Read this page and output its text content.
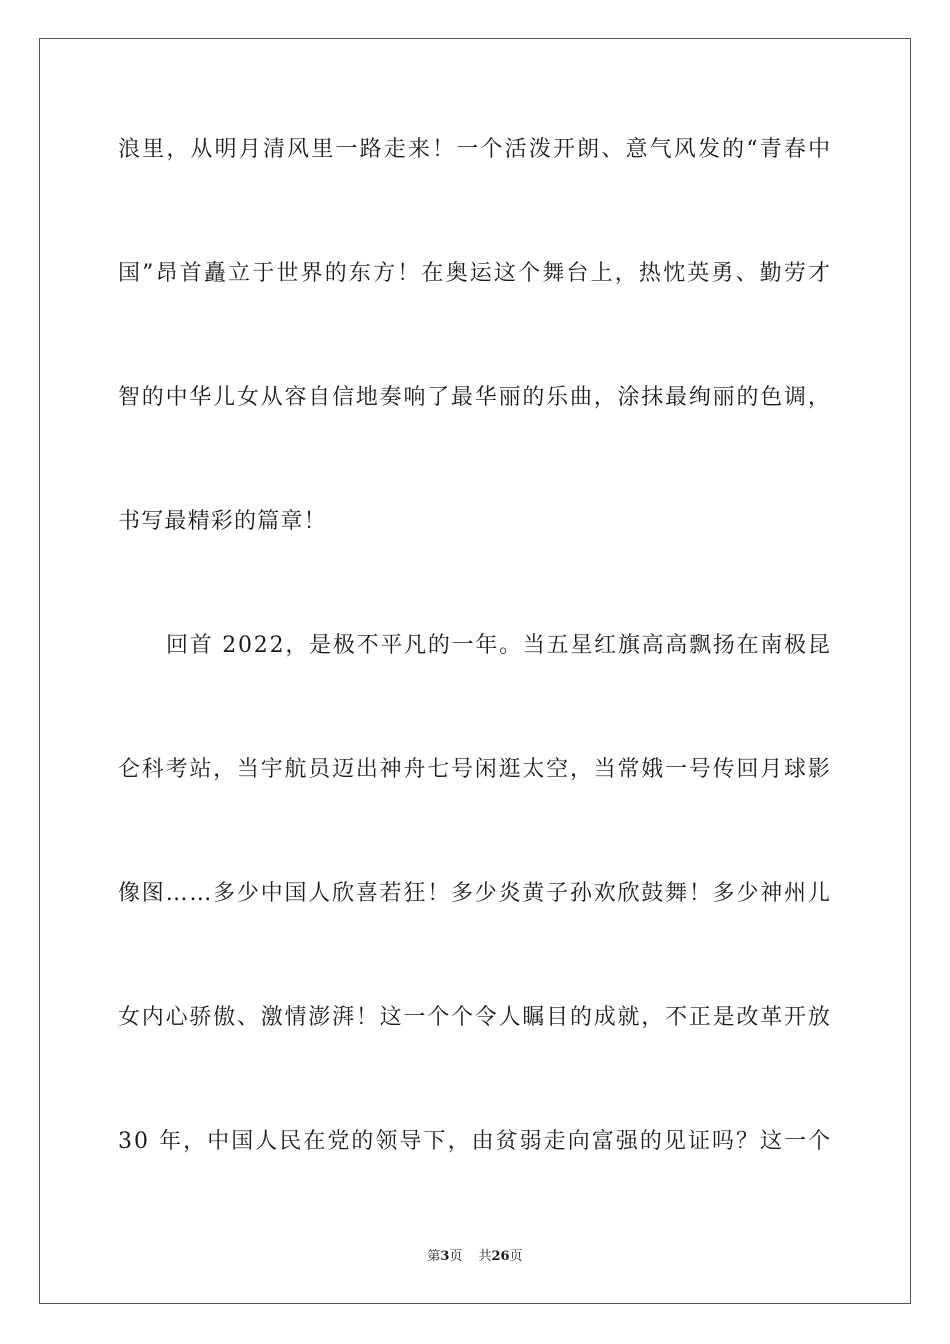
浪里，从明月清风里一路走来！一个活泼开朗、意气风发的“青春中
国”昂首矗立于世界的东方！在奥运这个舞台上，热忱英勇、勤劳才
智的中华儿女从容自信地奏响了最华丽的乐曲，涂抹最绚丽的色调，
书写最精彩的篇章！
回首 2022，是极不平凡的一年。当五星红旗高高飘扬在南极昆
仑科考站，当宇航员迈出神舟七号闲逛太空，当常娥一号传回月球影
像图……多少中国人欣喜若狂！多少炎黄子孙欢欣鼓舞！多少神州儿
女内心骄傲、激情澎湃！这一个个令人瞩目的成就，不正是改革开放
30 年，中国人民在党的领导下，由贫弱走向富强的见证吗？这一个
第3页 共26页
